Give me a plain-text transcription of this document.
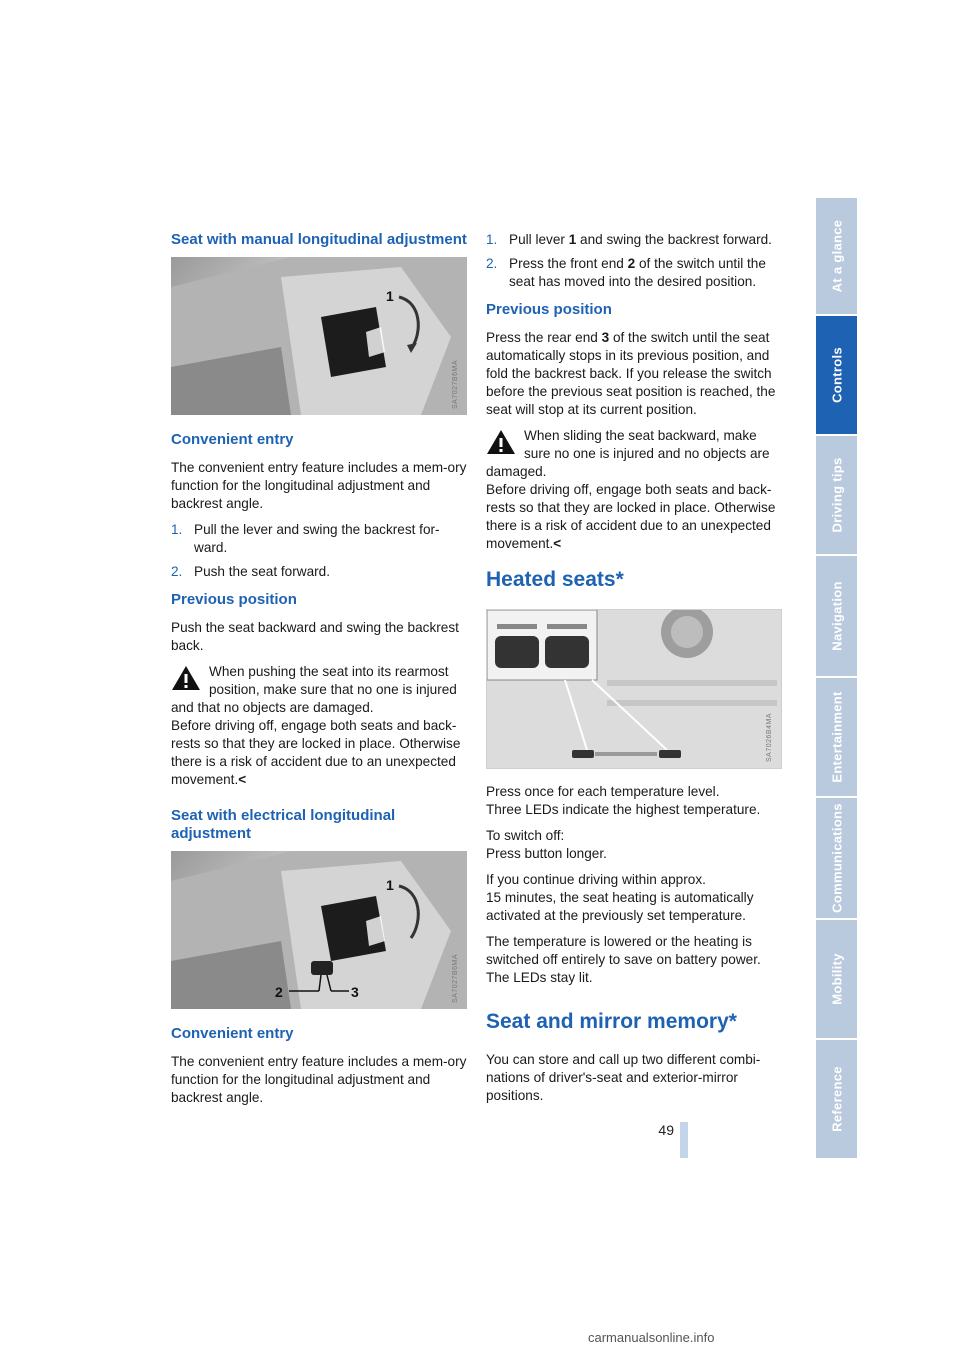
Seat with manual longitudinal adjustment
1
SA7027B6MA
Convenient entry

The convenient entry feature includes a mem-ory function for the longitudinal adjustment and backrest angle.

1. Pull the lever and swing the backrest for-ward.
2. Push the seat forward.
Previous position

Push the seat backward and swing the backrest back.

When pushing the seat into its rearmost position, make sure that no one is injured and that no objects are damaged.
Before driving off, engage both seats and back-rests so that they are locked in place. Otherwise there is a risk of accident due to an unexpected movement.<
Seat with electrical longitudinal adjustment
2	3
1
SA7027B6MA
Convenient entry

The convenient entry feature includes a mem-ory function for the longitudinal adjustment and backrest angle.

1. Pull lever 1 and swing the backrest forward.
2. Press the front end 2 of the switch until the seat has moved into the desired position.
Previous position

Press the rear end 3 of the switch until the seat automatically stops in its previous position, and fold the backrest back. If you release the switch before the previous seat position is reached, the seat will stop at its current position.

When sliding the seat backward, make sure no one is injured and no objects are damaged.
Before driving off, engage both seats and back-rests so that they are locked in place. Otherwise there is a risk of accident due to an unexpected movement.<
Heated seats*
SA7026B4MA

Press once for each temperature level.
Three LEDs indicate the highest temperature.

To switch off:
Press button longer.

If you continue driving within approx.
15 minutes, the seat heating is automatically activated at the previously set temperature.

The temperature is lowered or the heating is switched off entirely to save on battery power. The LEDs stay lit.

Seat and mirror memory*

You can store and call up two different combi-nations of driver's-seat and exterior-mirror positions.

At a glance
Controls
Driving tips
Navigation
Entertainment
Communications
Mobility
Reference
49
carmanualsonline.info
